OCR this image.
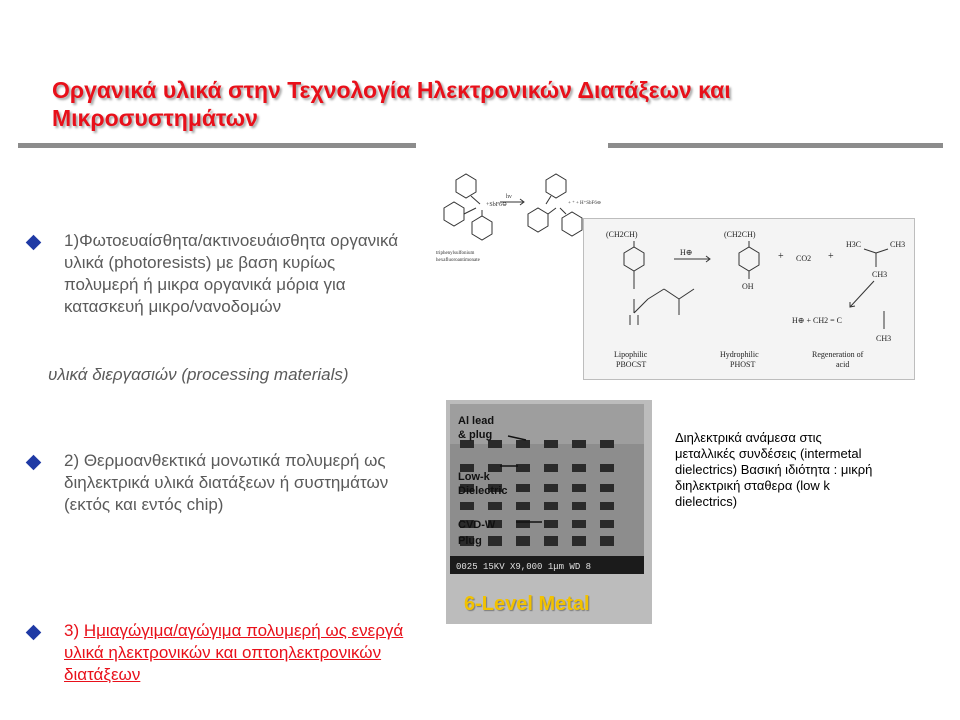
Οργανικά υλικά στην Τεχνολογία Ηλεκτρονικών Διατάξεων και Μικροσυστημάτων
1)Φωτοευαίσθητα/ακτινοευάισθητα οργανικά υλικά (photoresists) με βαση κυρίως πολυμερή ή μικρα οργανικά μόρια για κατασκευή μικρο/νανοδομών
υλικά διεργασιών (processing materials)
2) Θερμοανθεκτικά μονωτικά πολυμερή ως διηλεκτρικά υλικά διατάξεων ή συστημάτων (εκτός και εντός chip)
3) Ημιαγώγιμα/αγώγιμα πολυμερή ως ενεργά υλικά ηλεκτρονικών και οπτοηλεκτρονικών διατάξεων
+SbF6⊖
hν
+ ⁺ + H⁺SbF6⊖
triphenylsulfonium
hexafluoroantimonate
(CH2CH)
H⊕
(CH2CH)
OH
+ CO2 +
H3C	CH3
CH3
H⊕ + CH2 = C
CH3
Lipophilic
PBOCST
Hydrophilic
PHOST
Regeneration of
acid
Al lead
& plug
Low-k
Dielectric
CVD-W
Plug
0025 15KV X9,000 1μm WD 8
6-Level Metal
Διηλεκτρικά ανάμεσα στις μεταλλικές συνδέσεις (intermetal dielectrics) Βασική ιδιότητα : μικρή διηλεκτρική σταθερα (low k dielectrics)
